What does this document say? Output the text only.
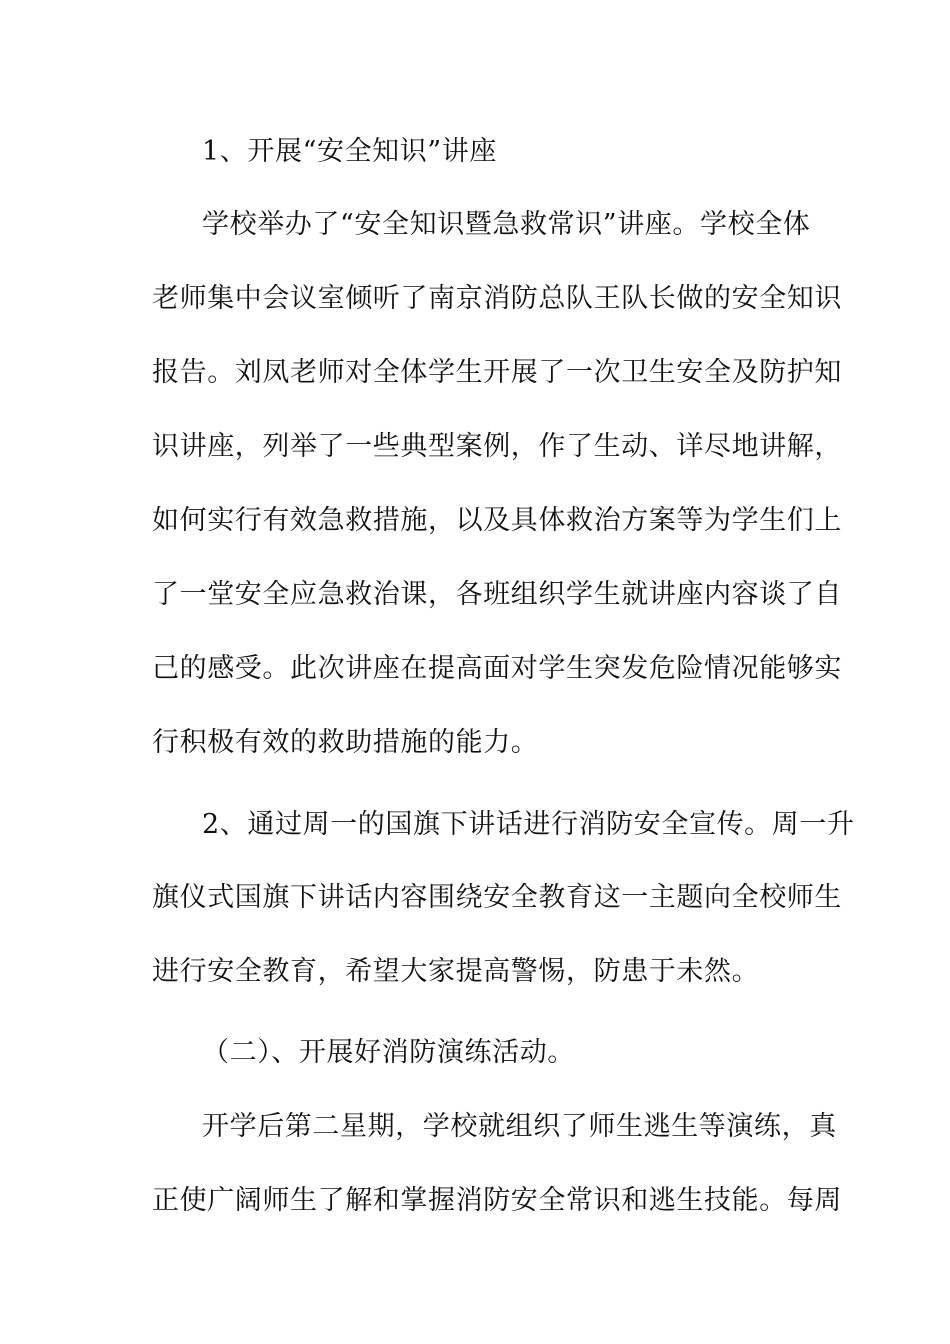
1、开展“安全知识”讲座
学校举办了“安全知识暨急救常识”讲座。学校全体
老师集中会议室倾听了南京消防总队王队长做的安全知识
报告。刘凤老师对全体学生开展了一次卫生安全及防护知
识讲座，列举了一些典型案例，作了生动、详尽地讲解，
如何实行有效急救措施，以及具体救治方案等为学生们上
了一堂安全应急救治课，各班组织学生就讲座内容谈了自
己的感受。此次讲座在提高面对学生突发危险情况能够实
行积极有效的救助措施的能力。
2、通过周一的国旗下讲话进行消防安全宣传。周一升
旗仪式国旗下讲话内容围绕安全教育这一主题向全校师生
进行安全教育，希望大家提高警惕，防患于未然。
（二）、开展好消防演练活动。
开学后第二星期，学校就组织了师生逃生等演练，真
正使广阔师生了解和掌握消防安全常识和逃生技能。每周
